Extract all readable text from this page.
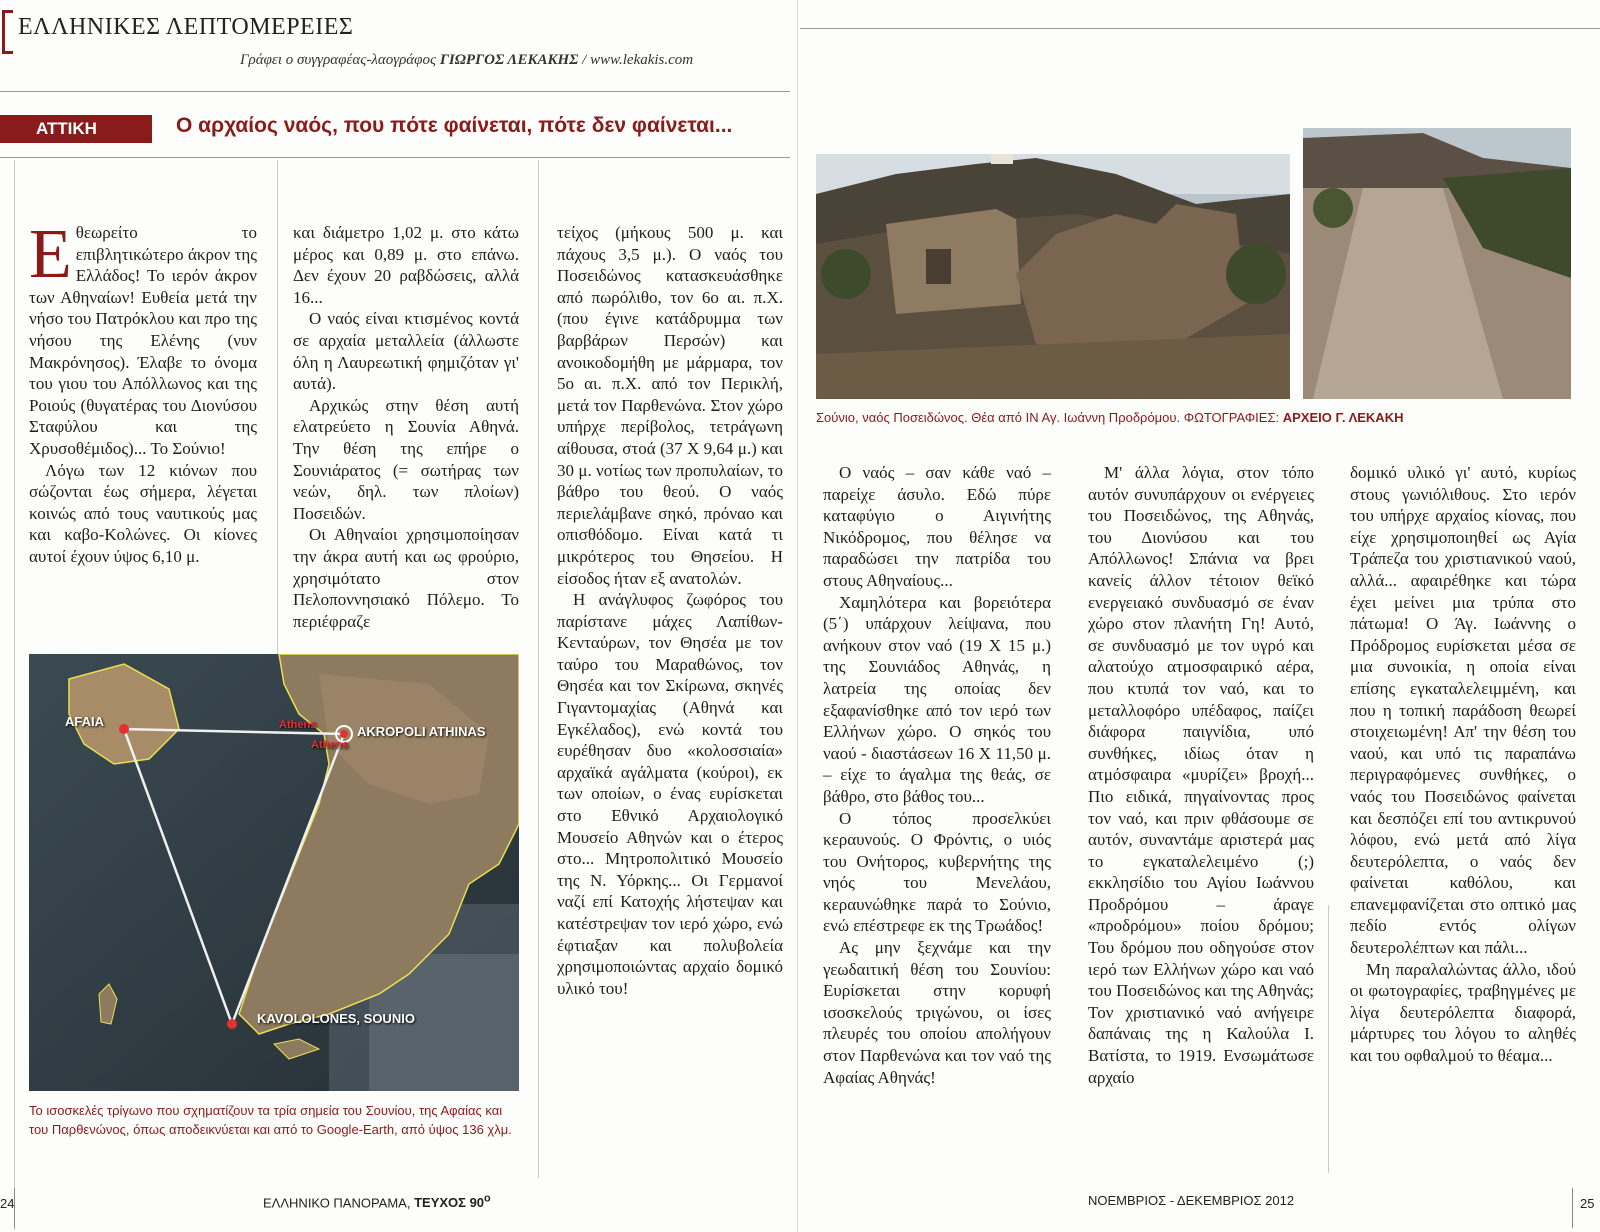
ΕΛΛΗΝΙΚΕΣ ΛΕΠΤΟΜΕΡΕΙΕΣ
Γράφει ο συγγραφέας-λαογράφος ΓΙΩΡΓΟΣ ΛΕΚΑΚΗΣ / www.lekakis.com
ΑΤΤΙΚΗ	Ο αρχαίος ναός, που πότε φαίνεται, πότε δεν φαίνεται...

Εθεωρείτο το επιβλητικώτερο άκρον της Ελλάδος! Το ιερόν άκρον των Αθηναίων! Ευθεία μετά την νήσο του Πατρόκλου και προ της νήσου της Ελένης (νυν Μακρόνησος). Έλαβε το όνομα του γιου του Απόλλωνος και της Ροιούς (θυγατέρας του Διονύσου Σταφύλου και της Χρυσοθέμιδος)... Το Σούνιο!

Λόγω των 12 κιόνων που σώζονται έως σήμερα, λέγεται κοινώς από τους ναυτικούς μας και καβο-Κολώνες. Οι κίονες αυτοί έχουν ύψος 6,10 μ.

και διάμετρο 1,02 μ. στο κάτω μέρος και 0,89 μ. στο επάνω. Δεν έχουν 20 ραβδώσεις, αλλά 16...

Ο ναός είναι κτισμένος κοντά σε αρχαία μεταλλεία (άλλωστε όλη η Λαυρεωτική φημιζόταν γι' αυτά).

Αρχικώς στην θέση αυτή ελατρεύετο η Σουνία Αθηνά. Την θέση της επήρε ο Σουνιάρατος (= σωτήρας των νεών, δηλ. των πλοίων) Ποσειδών.

Οι Αθηναίοι χρησιμοποίησαν την άκρα αυτή και ως φρούριο, χρησιμότατο στον Πελοποννησιακό Πόλεμο. Το περιέφραζε

τείχος (μήκους 500 μ. και πάχους 3,5 μ.). Ο ναός του Ποσειδώνος κατασκευάσθηκε από πωρόλιθο, τον 6ο αι. π.Χ. (που έγινε κατάδρυμμα των βαρβάρων Περσών) και ανοικοδομήθη με μάρμαρα, τον 5ο αι. π.Χ. από τον Περικλή, μετά τον Παρθενώνα. Στον χώρο υπήρχε περίβολος, τετράγωνη αίθουσα, στοά (37 Χ 9,64 μ.) και 30 μ. νοτίως των προπυλαίων, το βάθρο του θεού. Ο ναός περιελάμβανε σηκό, πρόναο και οπισθόδομο. Είναι κατά τι μικρότερος του Θησείου. Η είσοδος ήταν εξ ανατολών.

Η ανάγλυφος ζωφόρος του παρίστανε μάχες Λαπίθων-Κενταύρων, τον Θησέα με τον ταύρο του Μαραθώνος, τον Θησέα και τον Σκίρωνα, σκηνές Γιγαντομαχίας (Αθηνά και Εγκέλαδος), ενώ κοντά του ευρέθησαν δυο «κολοσσιαία» αρχαϊκά αγάλματα (κούροι), εκ των οποίων, ο ένας ευρίσκεται στο Εθνικό Αρχαιολογικό Μουσείο Αθηνών και ο έτερος στο... Μητροπολιτικό Μουσείο της Ν. Υόρκης... Οι Γερμανοί ναζί επί Κατοχής λήστεψαν και κατέστρεψαν τον ιερό χώρο, ενώ έφτιαξαν και πολυβολεία χρησιμοποιώντας αρχαίο δομικό υλικό του!

AFAIA
AKROPOLI ATHINAS
Athens
Athens
KAVOLOLONES, SOUNIO
Το ισοσκελές τρίγωνο που σχηματίζουν τα τρία σημεία του Σουνίου, της Αφαίας και του Παρθενώνος, όπως αποδεικνύεται και από το Google-Earth, από ύψος 136 χλμ.
Σούνιο, ναός Ποσειδώνος. Θέα από ΙΝ Αγ. Ιωάννη Προδρόμου. ΦΩΤΟΓΡΑΦΙΕΣ: ΑΡΧΕΙΟ Γ. ΛΕΚΑΚΗ

Ο ναός – σαν κάθε ναό – παρείχε άσυλο. Εδώ πύρε καταφύγιο ο Αιγινήτης Νικόδρομος, που θέλησε να παραδώσει την πατρίδα του στους Αθηναίους...

Χαμηλότερα και βορειότερα (5΄) υπάρχουν λείψανα, που ανήκουν στον ναό (19 Χ 15 μ.) της Σουνιάδος Αθηνάς, η λατρεία της οποίας δεν εξαφανίσθηκε από τον ιερό των Ελλήνων χώρο. Ο σηκός του ναού - διαστάσεων 16 Χ 11,50 μ. – είχε το άγαλμα της θεάς, σε βάθρο, στο βάθος του...

Ο τόπος προσελκύει κεραυνούς. Ο Φρόντις, ο υιός του Ονήτορος, κυβερνήτης της νηός του Μενελάου, κεραυνώθηκε παρά το Σούνιο, ενώ επέστρεφε εκ της Τρωάδος!

Ας μην ξεχνάμε και την γεωδαιτική θέση του Σουνίου: Ευρίσκεται στην κορυφή ισοσκελούς τριγώνου, οι ίσες πλευρές του οποίου απολήγουν στον Παρθενώνα και τον ναό της Αφαίας Αθηνάς!

Μ' άλλα λόγια, στον τόπο αυτόν συνυπάρχουν οι ενέργειες του Ποσειδώνος, της Αθηνάς, του Διονύσου και του Απόλλωνος! Σπάνια να βρει κανείς άλλον τέτοιον θεϊκό ενεργειακό συνδυασμό σε έναν χώρο στον πλανήτη Γη! Αυτό, σε συνδυασμό με τον υγρό και αλατούχο ατμοσφαιρικό αέρα, που κτυπά τον ναό, και το μεταλλοφόρο υπέδαφος, παίζει διάφορα παιγνίδια, υπό συνθήκες, ιδίως όταν η ατμόσφαιρα «μυρίζει» βροχή... Πιο ειδικά, πηγαίνοντας προς τον ναό, και πριν φθάσουμε σε αυτόν, συναντάμε αριστερά μας το εγκαταλελειμένο (;) εκκλησίδιο του Αγίου Ιωάννου Προδρόμου – άραγε «προδρόμου» ποίου δρόμου; Του δρόμου που οδηγούσε στον ιερό των Ελλήνων χώρο και ναό του Ποσειδώνος και της Αθηνάς; Τον χριστιανικό ναό ανήγειρε δαπάναις της η Καλούλα Ι. Βατίστα, το 1919. Ενσωμάτωσε αρχαίο

δομικό υλικό γι' αυτό, κυρίως στους γωνιόλιθους. Στο ιερόν του υπήρχε αρχαίος κίονας, που είχε χρησιμοποιηθεί ως Αγία Τράπεζα του χριστιανικού ναού, αλλά... αφαιρέθηκε και τώρα έχει μείνει μια τρύπα στο πάτωμα! Ο Άγ. Ιωάννης ο Πρόδρομος ευρίσκεται μέσα σε μια συνοικία, η οποία είναι επίσης εγκαταλελειμμένη, και που η τοπική παράδοση θεωρεί στοιχειωμένη! Απ' την θέση του ναού, και υπό τις παραπάνω περιγραφόμενες συνθήκες, ο ναός του Ποσειδώνος φαίνεται και δεσπόζει επί του αντικρυνού λόφου, ενώ μετά από λίγα δευτερόλεπτα, ο ναός δεν φαίνεται καθόλου, και επανεμφανίζεται στο οπτικό μας πεδίο εντός ολίγων δευτερολέπτων και πάλι...

Μη παραλαλώντας άλλο, ιδού οι φωτογραφίες, τραβηγμένες με λίγα δευτερόλεπτα διαφορά, μάρτυρες του λόγου το αληθές και του οφθαλμού το θέαμα...

24	ΕΛΛΗΝΙΚΟ ΠΑΝΟΡΑΜΑ, ΤΕΥΧΟΣ $90^o$	ΝΟΕΜΒΡΙΟΣ - ΔΕΚΕΜΒΡΙΟΣ 2012	25
